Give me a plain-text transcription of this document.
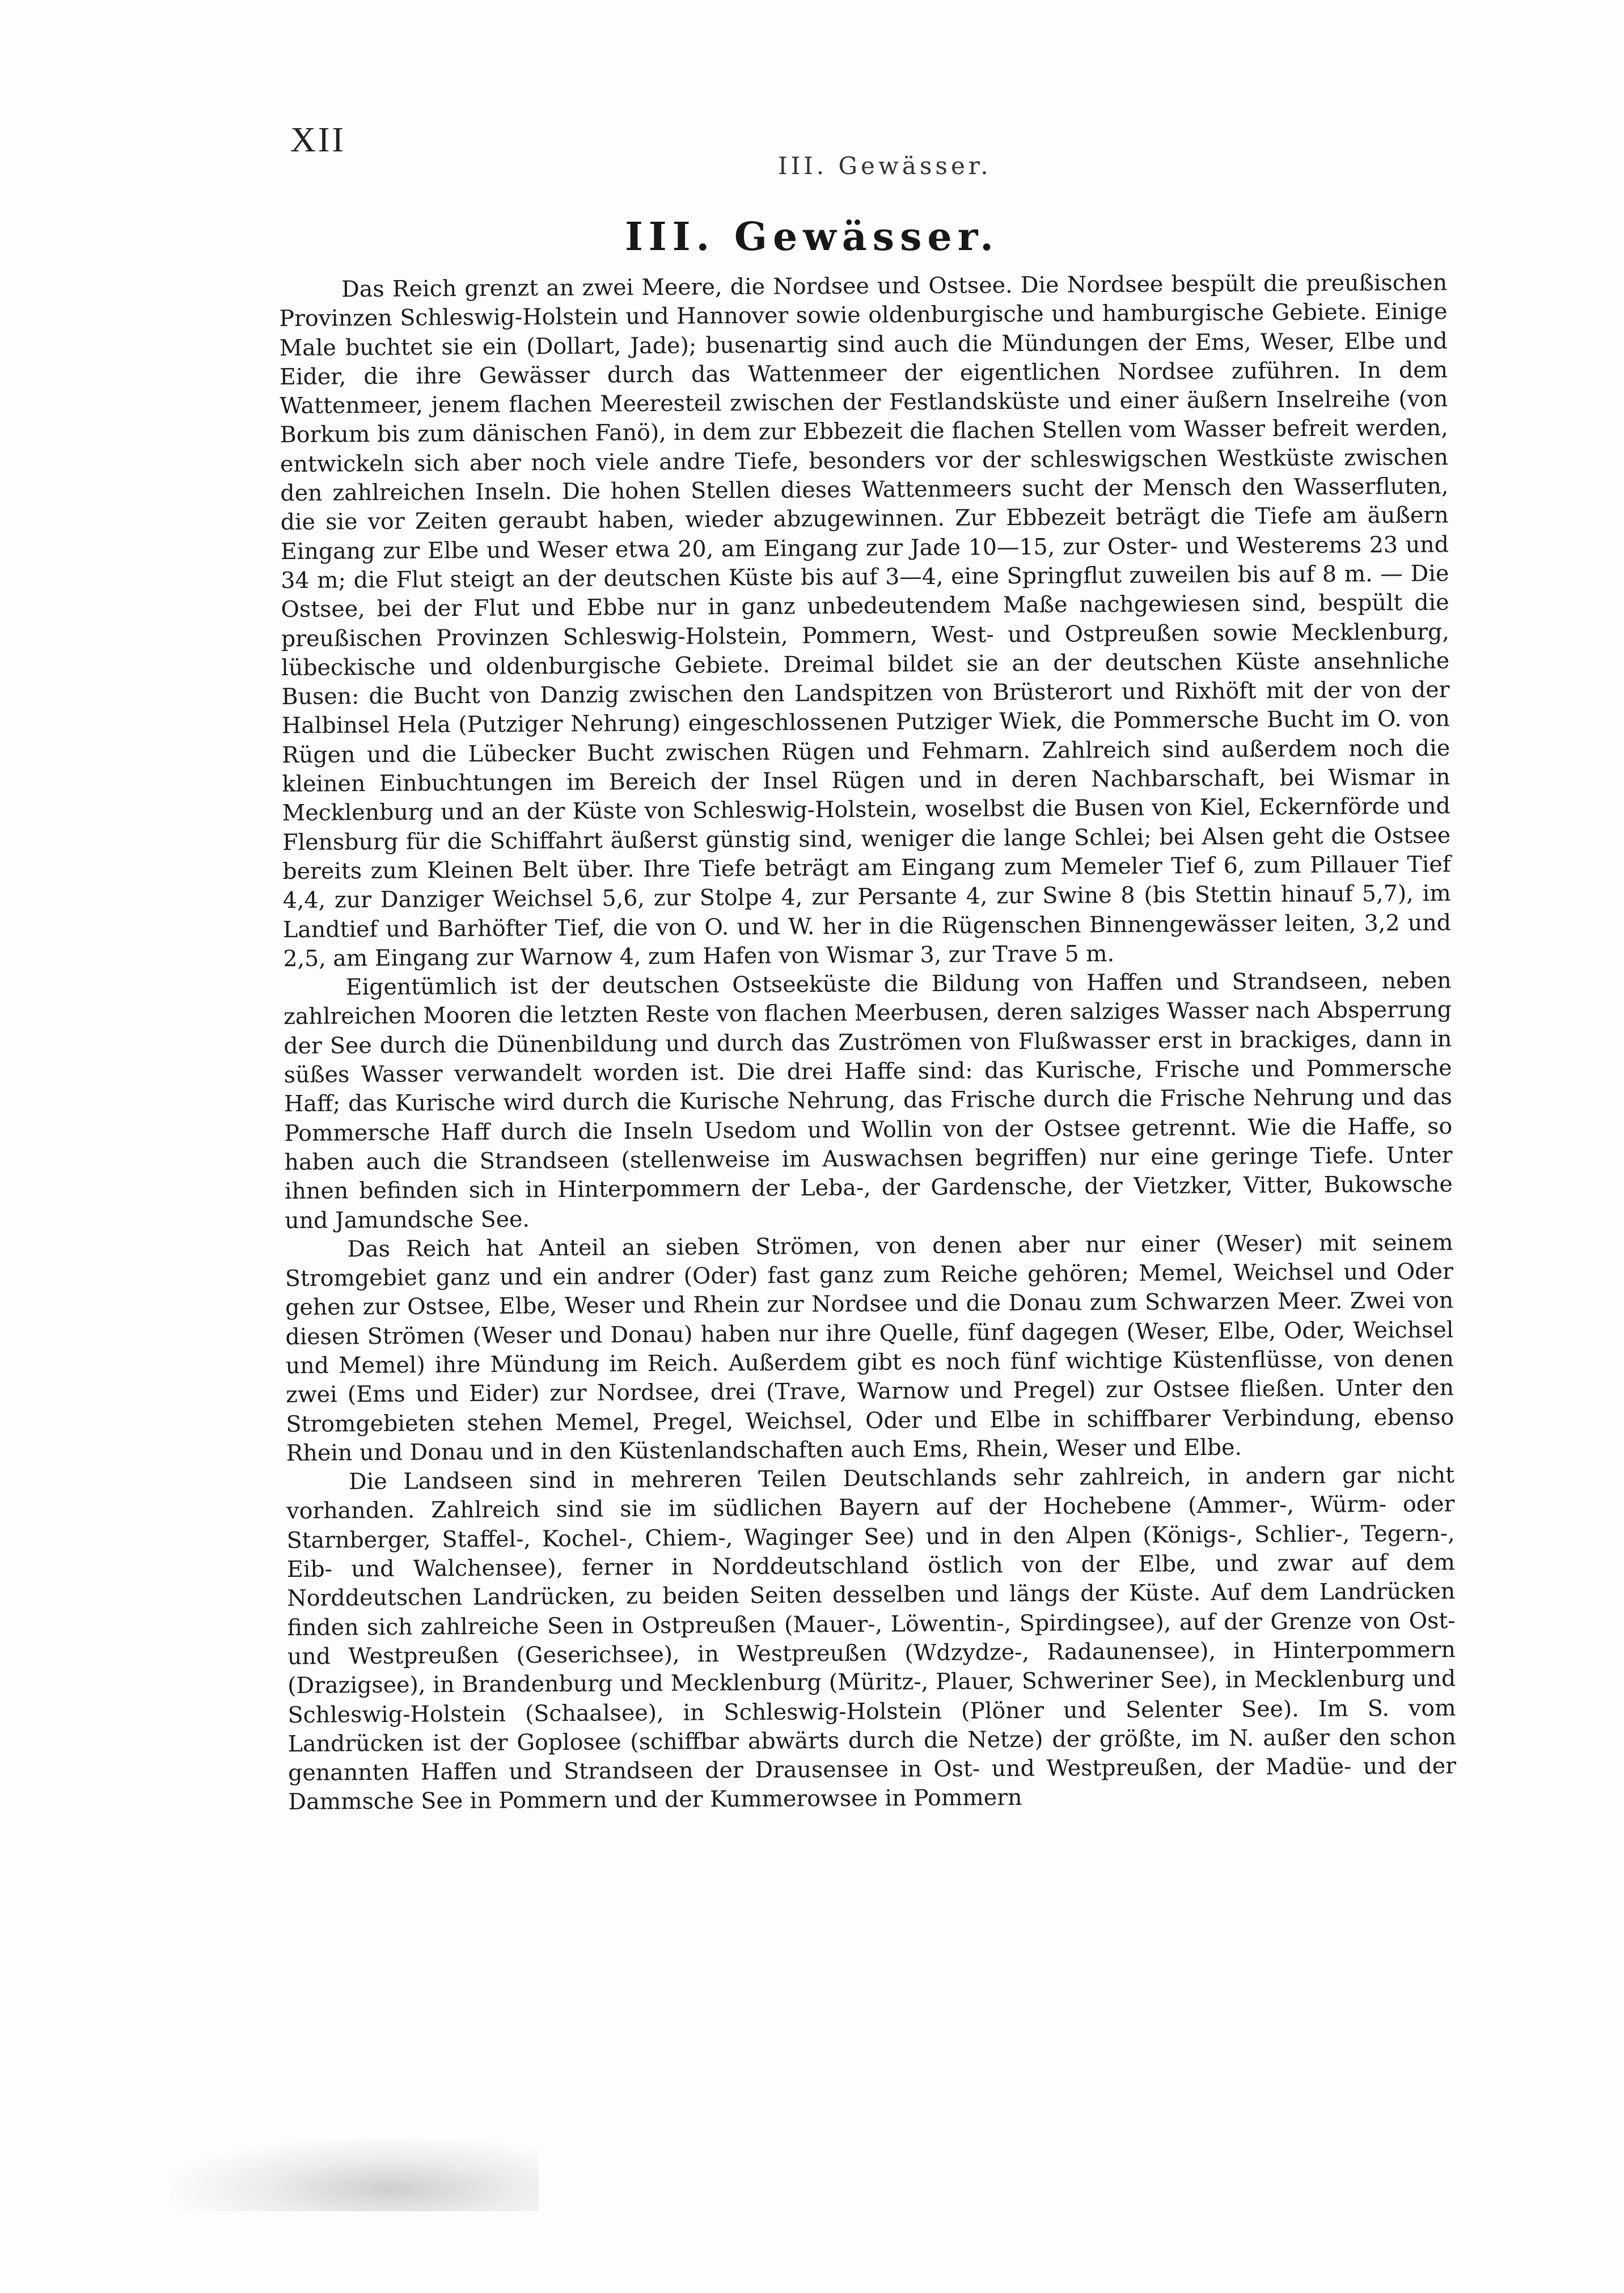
XII
III. Gewässer.
III. Gewässer.

Das Reich grenzt an zwei Meere, die Nordsee und Ostsee. Die Nordsee bespült die preußischen Provinzen Schleswig-Holstein und Hannover sowie oldenburgische und hamburgische Gebiete. Einige Male buchtet sie ein (Dollart, Jade); busenartig sind auch die Mündungen der Ems, Weser, Elbe und Eider, die ihre Gewässer durch das Wattenmeer der eigentlichen Nordsee zuführen. In dem Wattenmeer, jenem flachen Meeresteil zwischen der Festlandsküste und einer äußern Inselreihe (von Borkum bis zum dänischen Fanö), in dem zur Ebbezeit die flachen Stellen vom Wasser befreit werden, entwickeln sich aber noch viele andre Tiefe, besonders vor der schleswigschen Westküste zwischen den zahlreichen Inseln. Die hohen Stellen dieses Wattenmeers sucht der Mensch den Wasserfluten, die sie vor Zeiten geraubt haben, wieder abzugewinnen. Zur Ebbezeit beträgt die Tiefe am äußern Eingang zur Elbe und Weser etwa 20, am Eingang zur Jade 10—15, zur Oster- und Westerems 23 und 34 m; die Flut steigt an der deutschen Küste bis auf 3—4, eine Springflut zuweilen bis auf 8 m. — Die Ostsee, bei der Flut und Ebbe nur in ganz unbedeutendem Maße nachgewiesen sind, bespült die preußischen Provinzen Schleswig-Holstein, Pommern, West- und Ostpreußen sowie Mecklenburg, lübeckische und oldenburgische Gebiete. Dreimal bildet sie an der deutschen Küste ansehnliche Busen: die Bucht von Danzig zwischen den Landspitzen von Brüsterort und Rixhöft mit der von der Halbinsel Hela (Putziger Nehrung) eingeschlossenen Putziger Wiek, die Pommersche Bucht im O. von Rügen und die Lübecker Bucht zwischen Rügen und Fehmarn. Zahlreich sind außerdem noch die kleinen Einbuchtungen im Bereich der Insel Rügen und in deren Nachbarschaft, bei Wismar in Mecklenburg und an der Küste von Schleswig-Holstein, woselbst die Busen von Kiel, Eckernförde und Flensburg für die Schiffahrt äußerst günstig sind, weniger die lange Schlei; bei Alsen geht die Ostsee bereits zum Kleinen Belt über. Ihre Tiefe beträgt am Eingang zum Memeler Tief 6, zum Pillauer Tief 4,4, zur Danziger Weichsel 5,6, zur Stolpe 4, zur Persante 4, zur Swine 8 (bis Stettin hinauf 5,7), im Landtief und Barhöfter Tief, die von O. und W. her in die Rügenschen Binnengewässer leiten, 3,2 und 2,5, am Eingang zur Warnow 4, zum Hafen von Wismar 3, zur Trave 5 m.

Eigentümlich ist der deutschen Ostseeküste die Bildung von Haffen und Strandseen, neben zahlreichen Mooren die letzten Reste von flachen Meerbusen, deren salziges Wasser nach Absperrung der See durch die Dünenbildung und durch das Zuströmen von Flußwasser erst in brackiges, dann in süßes Wasser verwandelt worden ist. Die drei Haffe sind: das Kurische, Frische und Pommersche Haff; das Kurische wird durch die Kurische Nehrung, das Frische durch die Frische Nehrung und das Pommersche Haff durch die Inseln Usedom und Wollin von der Ostsee getrennt. Wie die Haffe, so haben auch die Strandseen (stellenweise im Auswachsen begriffen) nur eine geringe Tiefe. Unter ihnen befinden sich in Hinterpommern der Leba-, der Gardensche, der Vietzker, Vitter, Bukowsche und Jamundsche See.

Das Reich hat Anteil an sieben Strömen, von denen aber nur einer (Weser) mit seinem Stromgebiet ganz und ein andrer (Oder) fast ganz zum Reiche gehören; Memel, Weichsel und Oder gehen zur Ostsee, Elbe, Weser und Rhein zur Nordsee und die Donau zum Schwarzen Meer. Zwei von diesen Strömen (Weser und Donau) haben nur ihre Quelle, fünf dagegen (Weser, Elbe, Oder, Weichsel und Memel) ihre Mündung im Reich. Außerdem gibt es noch fünf wichtige Küstenflüsse, von denen zwei (Ems und Eider) zur Nordsee, drei (Trave, Warnow und Pregel) zur Ostsee fließen. Unter den Stromgebieten stehen Memel, Pregel, Weichsel, Oder und Elbe in schiffbarer Verbindung, ebenso Rhein und Donau und in den Küstenlandschaften auch Ems, Rhein, Weser und Elbe.

Die Landseen sind in mehreren Teilen Deutschlands sehr zahlreich, in andern gar nicht vorhanden. Zahlreich sind sie im südlichen Bayern auf der Hochebene (Ammer-, Würm- oder Starnberger, Staffel-, Kochel-, Chiem-, Waginger See) und in den Alpen (Königs-, Schlier-, Tegern-, Eib- und Walchensee), ferner in Norddeutschland östlich von der Elbe, und zwar auf dem Norddeutschen Landrücken, zu beiden Seiten desselben und längs der Küste. Auf dem Landrücken finden sich zahlreiche Seen in Ostpreußen (Mauer-, Löwentin-, Spirdingsee), auf der Grenze von Ost- und Westpreußen (Geserichsee), in Westpreußen (Wdzydze-, Radaunensee), in Hinterpommern (Drazigsee), in Brandenburg und Mecklenburg (Müritz-, Plauer, Schweriner See), in Mecklenburg und Schleswig-Holstein (Schaalsee), in Schleswig-Holstein (Plöner und Selenter See). Im S. vom Landrücken ist der Goplosee (schiffbar abwärts durch die Netze) der größte, im N. außer den schon genannten Haffen und Strandseen der Drausensee in Ost- und Westpreußen, der Madüe- und der Dammsche See in Pommern und der Kummerowsee in Pommern
